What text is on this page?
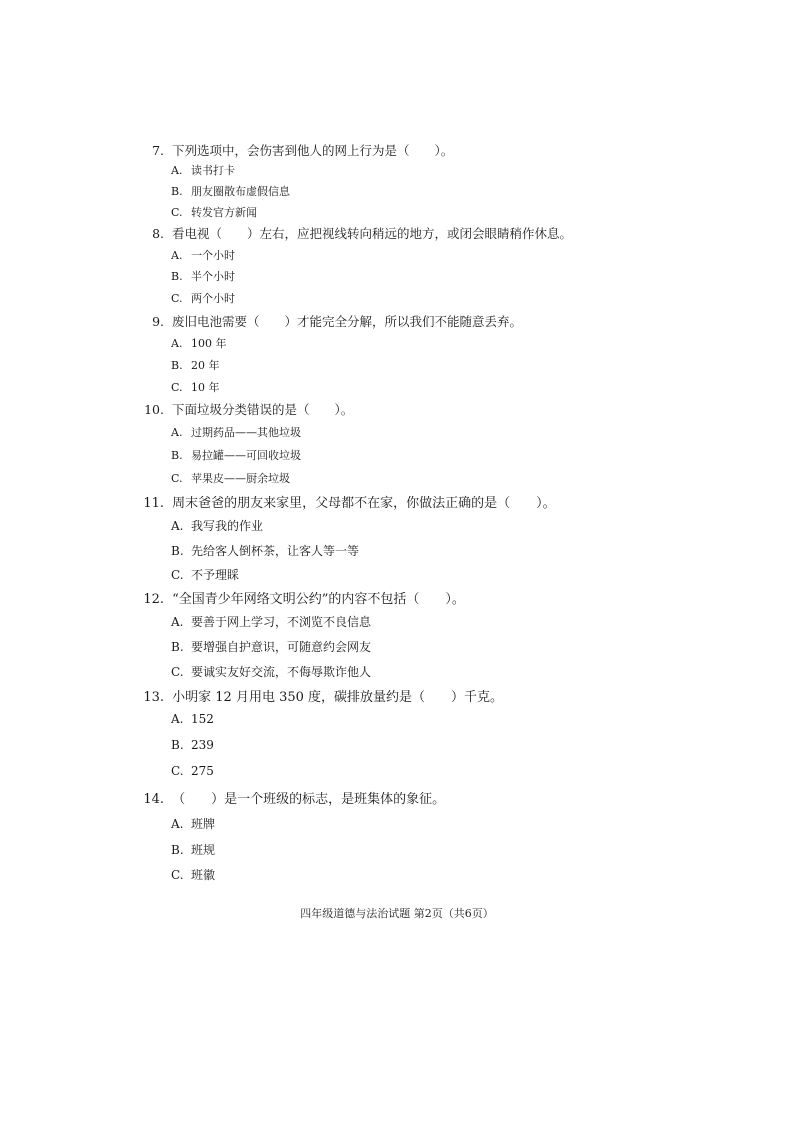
7. 下列选项中，会伤害到他人的网上行为是（　　）。
A. 读书打卡
B. 朋友圈散布虚假信息
C. 转发官方新闻
8. 看电视（　　）左右，应把视线转向稍远的地方，或闭会眼睛稍作休息。
A. 一个小时
B. 半个小时
C. 两个小时
9. 废旧电池需要（　　）才能完全分解，所以我们不能随意丢弃。
A. 100 年
B. 20 年
C. 10 年
10. 下面垃圾分类错误的是（　　）。
A. 过期药品——其他垃圾
B. 易拉罐——可回收垃圾
C. 苹果皮——厨余垃圾
11. 周末爸爸的朋友来家里，父母都不在家，你做法正确的是（　　）。
A. 我写我的作业
B. 先给客人倒杯茶，让客人等一等
C. 不予理睬
12. “全国青少年网络文明公约”的内容不包括（　　）。
A. 要善于网上学习，不浏览不良信息
B. 要增强自护意识，可随意约会网友
C. 要诚实友好交流，不侮辱欺诈他人
13. 小明家 12 月用电 350 度，碳排放量约是（　　）千克。
A. 152
B. 239
C. 275
14. （　　）是一个班级的标志，是班集体的象征。
A. 班牌
B. 班规
C. 班徽
四年级道德与法治试题 第2页（共6页）
